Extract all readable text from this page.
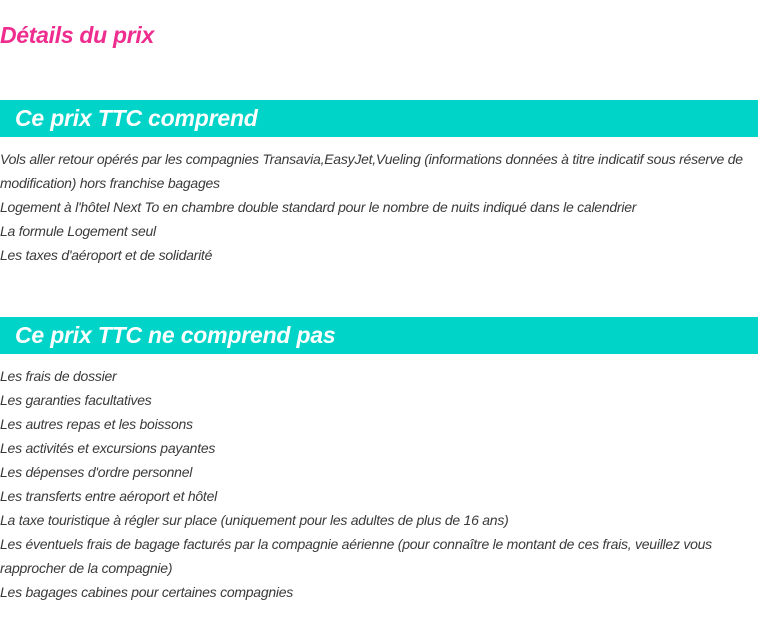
Détails du prix
Ce prix TTC comprend
Vols aller retour opérés par les compagnies Transavia,EasyJet,Vueling (informations données à titre indicatif sous réserve de modification) hors franchise bagages
Logement à l'hôtel Next To en chambre double standard pour le nombre de nuits indiqué dans le calendrier
La formule Logement seul
Les taxes d'aéroport et de solidarité
Ce prix TTC ne comprend pas
Les frais de dossier
Les garanties facultatives
Les autres repas et les boissons
Les activités et excursions payantes
Les dépenses d'ordre personnel
Les transferts entre aéroport et hôtel
La taxe touristique à régler sur place (uniquement pour les adultes de plus de 16 ans)
Les éventuels frais de bagage facturés par la compagnie aérienne (pour connaître le montant de ces frais, veuillez vous rapprocher de la compagnie)
Les bagages cabines pour certaines compagnies
